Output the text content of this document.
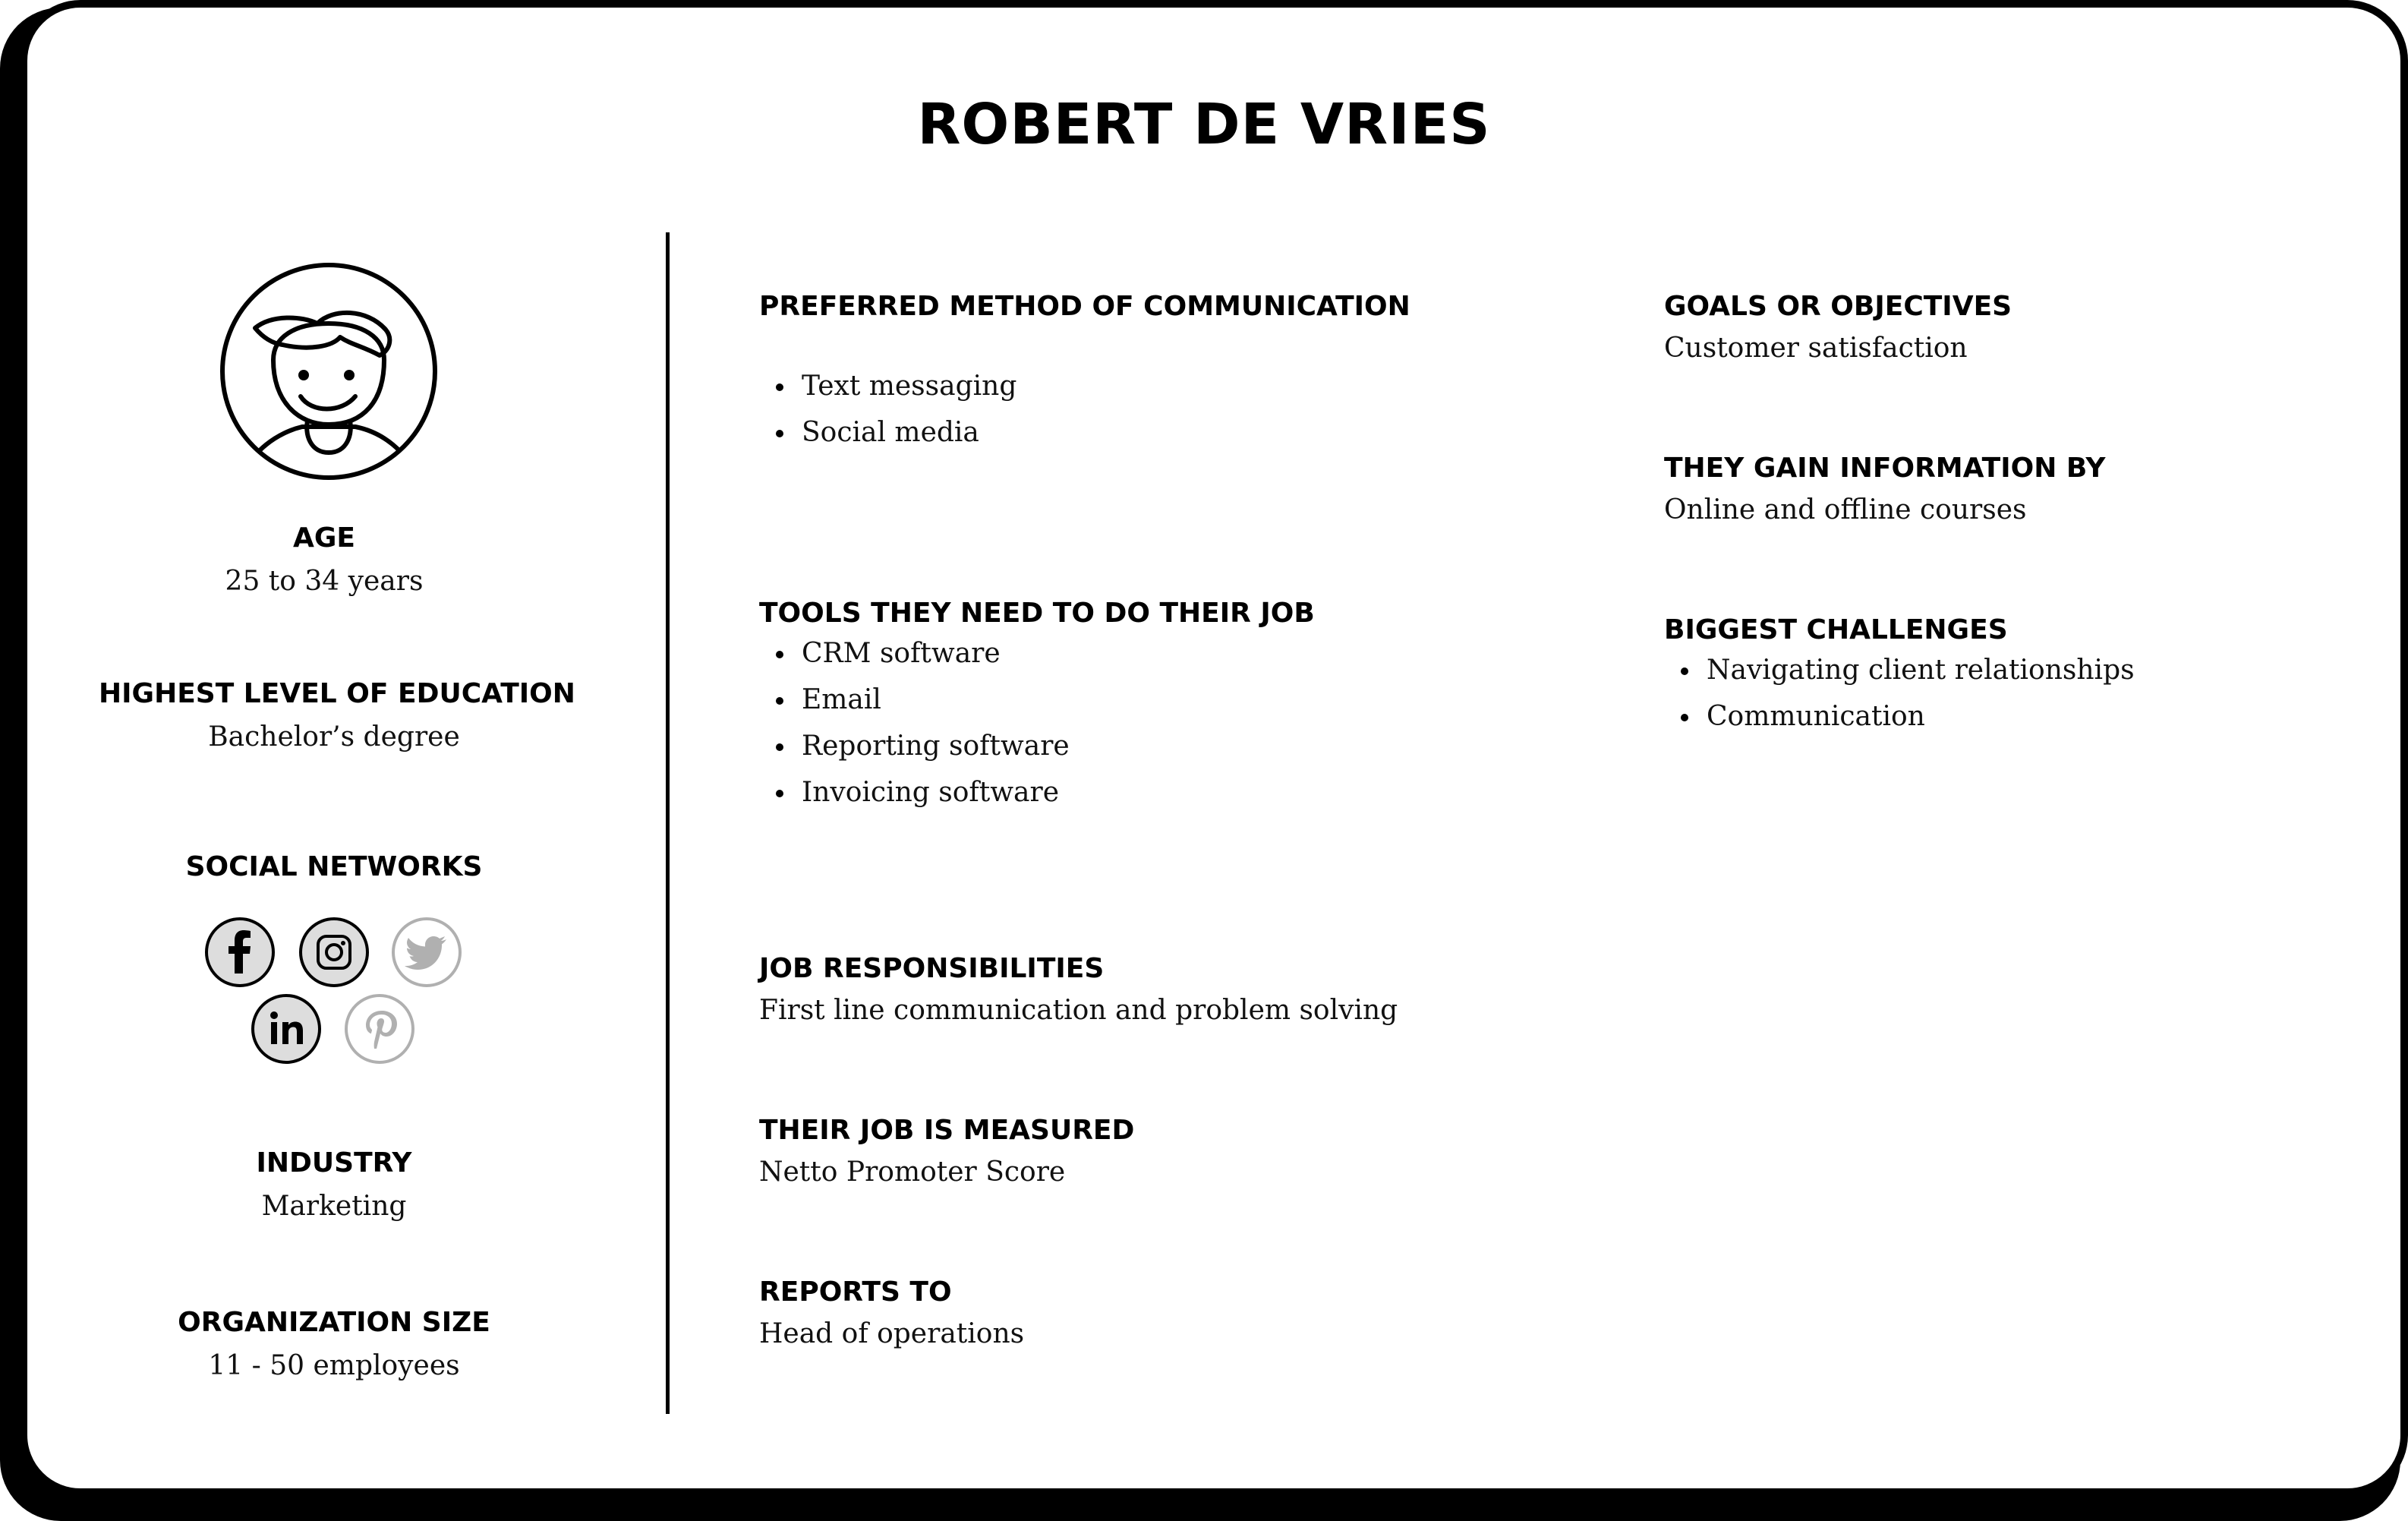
ROBERT DE VRIES

AGE

25 to 34 years

HIGHEST LEVEL OF EDUCATION

Bachelor’s degree

SOCIAL NETWORKS

INDUSTRY

Marketing

ORGANIZATION SIZE

11 - 50 employees

PREFERRED METHOD OF COMMUNICATION

Text messaging
Social media

TOOLS THEY NEED TO DO THEIR JOB

CRM software
Email
Reporting software
Invoicing software

JOB RESPONSIBILITIES

First line communication and problem solving

THEIR JOB IS MEASURED

Netto Promoter Score

REPORTS TO

Head of operations

GOALS OR OBJECTIVES

Customer satisfaction

THEY GAIN INFORMATION BY

Online and offline courses

BIGGEST CHALLENGES

Navigating client relationships
Communication
